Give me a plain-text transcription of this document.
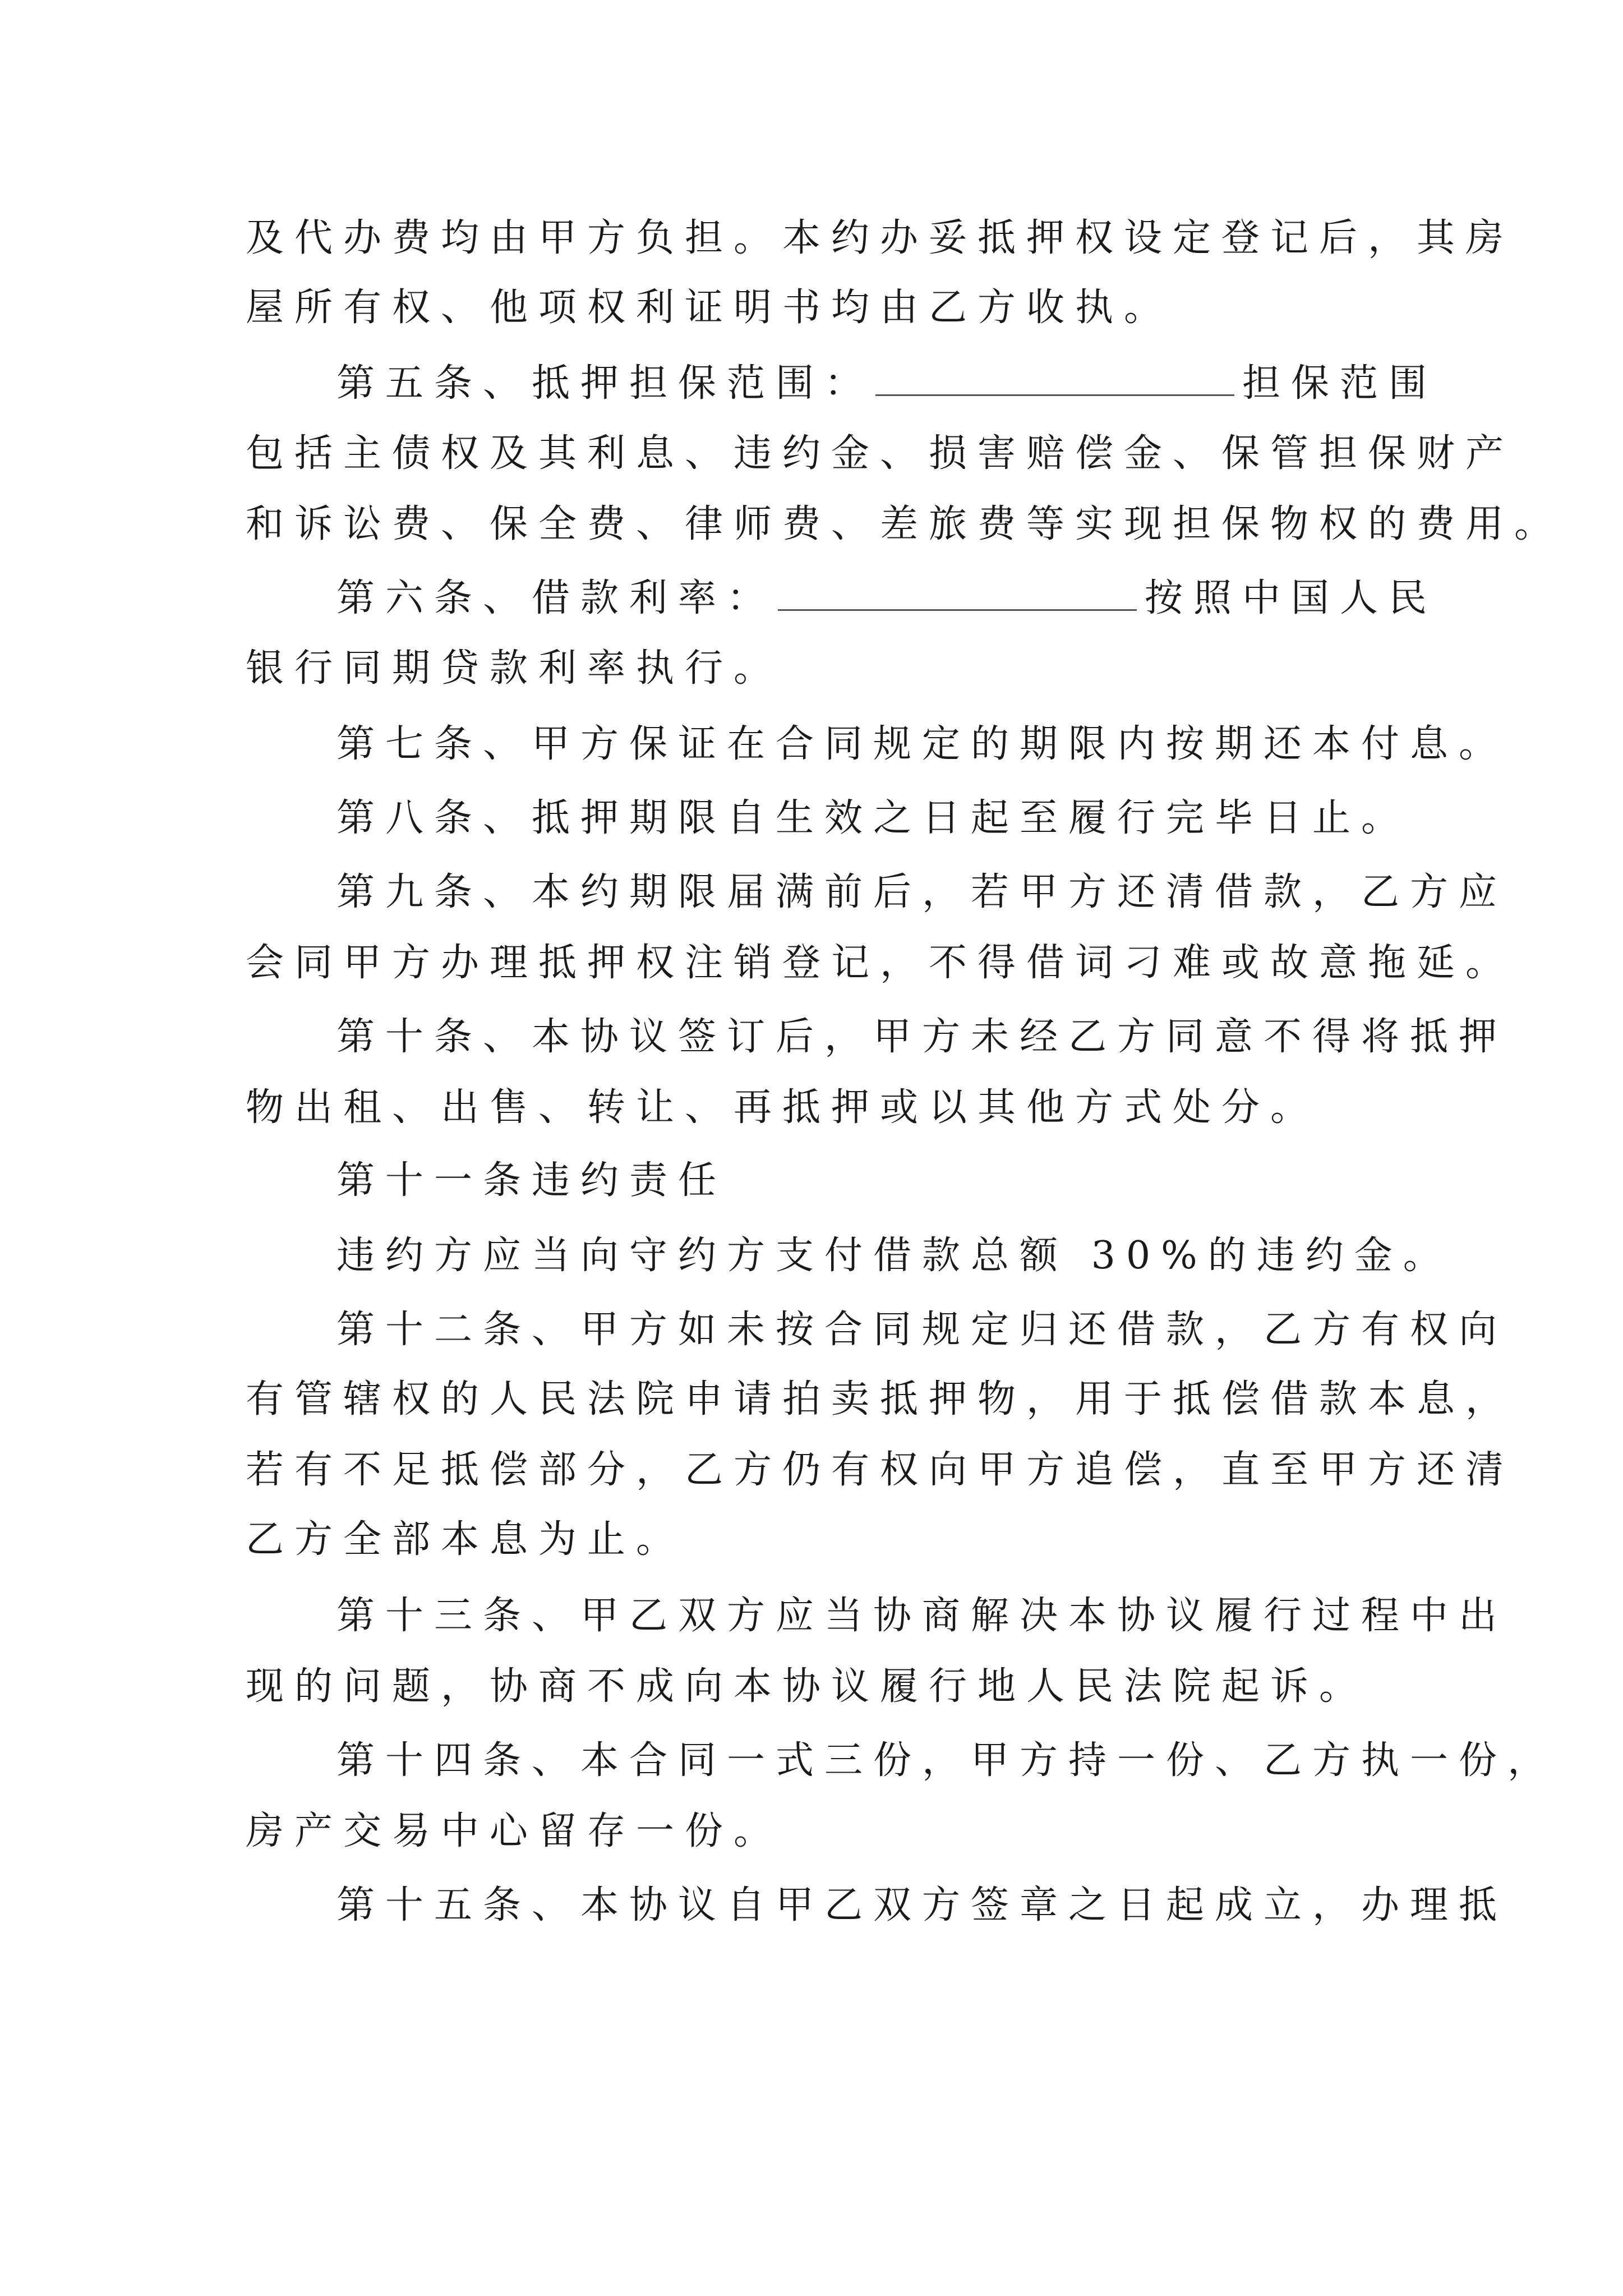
及代办费均由甲方负担。本约办妥抵押权设定登记后，其房
屋所有权、他项权利证明书均由乙方收执。
第五条、抵押担保范围：	担保范围
包括主债权及其利息、违约金、损害赔偿金、保管担保财产
和诉讼费、保全费、律师费、差旅费等实现担保物权的费用。
第六条、借款利率：	按照中国人民
银行同期贷款利率执行。
第七条、甲方保证在合同规定的期限内按期还本付息。
第八条、抵押期限自生效之日起至履行完毕日止。
第九条、本约期限届满前后，若甲方还清借款，乙方应
会同甲方办理抵押权注销登记，不得借词刁难或故意拖延。
第十条、本协议签订后，甲方未经乙方同意不得将抵押
物出租、出售、转让、再抵押或以其他方式处分。
第十一条违约责任
违约方应当向守约方支付借款总额 30%的违约金。
第十二条、甲方如未按合同规定归还借款，乙方有权向
有管辖权的人民法院申请拍卖抵押物，用于抵偿借款本息，
若有不足抵偿部分，乙方仍有权向甲方追偿，直至甲方还清
乙方全部本息为止。
第十三条、甲乙双方应当协商解决本协议履行过程中出
现的问题，协商不成向本协议履行地人民法院起诉。
第十四条、本合同一式三份，甲方持一份、乙方执一份，
房产交易中心留存一份。
第十五条、本协议自甲乙双方签章之日起成立，办理抵
